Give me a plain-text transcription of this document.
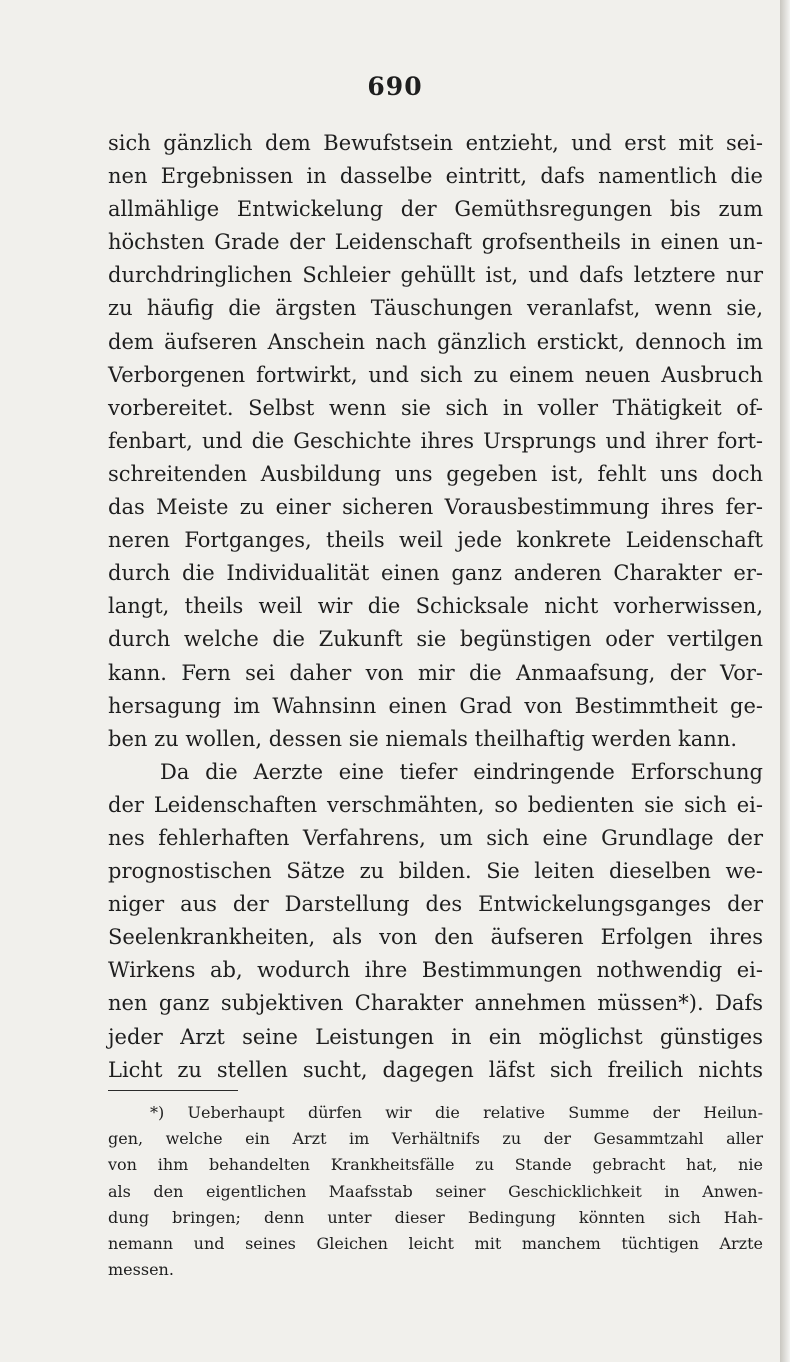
690
sich gänzlich dem Bewufstsein entzieht, und erst mit sei-
nen Ergebnissen in dasselbe eintritt, dafs namentlich die
allmählige Entwickelung der Gemüthsregungen bis zum
höchsten Grade der Leidenschaft grofsentheils in einen un-
durchdringlichen Schleier gehüllt ist, und dafs letztere nur
zu häufig die ärgsten Täuschungen veranlafst, wenn sie,
dem äufseren Anschein nach gänzlich erstickt, dennoch im
Verborgenen fortwirkt, und sich zu einem neuen Ausbruch
vorbereitet. Selbst wenn sie sich in voller Thätigkeit of-
fenbart, und die Geschichte ihres Ursprungs und ihrer fort-
schreitenden Ausbildung uns gegeben ist, fehlt uns doch
das Meiste zu einer sicheren Vorausbestimmung ihres fer-
neren Fortganges, theils weil jede konkrete Leidenschaft
durch die Individualität einen ganz anderen Charakter er-
langt, theils weil wir die Schicksale nicht vorherwissen,
durch welche die Zukunft sie begünstigen oder vertilgen
kann. Fern sei daher von mir die Anmaafsung, der Vor-
hersagung im Wahnsinn einen Grad von Bestimmtheit ge-
ben zu wollen, dessen sie niemals theilhaftig werden kann.
Da die Aerzte eine tiefer eindringende Erforschung
der Leidenschaften verschmähten, so bedienten sie sich ei-
nes fehlerhaften Verfahrens, um sich eine Grundlage der
prognostischen Sätze zu bilden. Sie leiten dieselben we-
niger aus der Darstellung des Entwickelungsganges der
Seelenkrankheiten, als von den äufseren Erfolgen ihres
Wirkens ab, wodurch ihre Bestimmungen nothwendig ei-
nen ganz subjektiven Charakter annehmen müssen*). Dafs
jeder Arzt seine Leistungen in ein möglichst günstiges
Licht zu stellen sucht, dagegen läfst sich freilich nichts
*) Ueberhaupt dürfen wir die relative Summe der Heilun-
gen, welche ein Arzt im Verhältnifs zu der Gesammtzahl aller
von ihm behandelten Krankheitsfälle zu Stande gebracht hat, nie
als den eigentlichen Maafsstab seiner Geschicklichkeit in Anwen-
dung bringen; denn unter dieser Bedingung könnten sich Hah-
nemann und seines Gleichen leicht mit manchem tüchtigen Arzte
messen.
